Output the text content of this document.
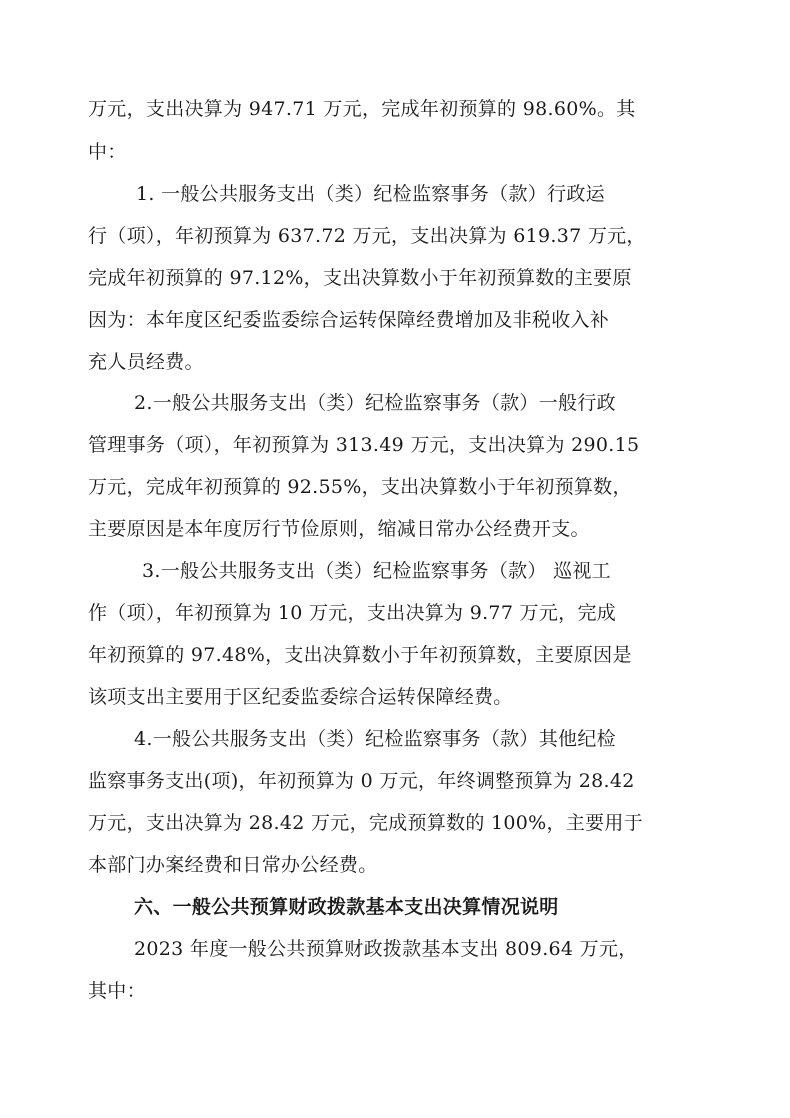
万元，支出决算为 947.71 万元，完成年初预算的 98.60%。其
中：
1. 一般公共服务支出（类）纪检监察事务（款）行政运
行（项），年初预算为 637.72 万元，支出决算为 619.37 万元，
完成年初预算的 97.12%，支出决算数小于年初预算数的主要原
因为：本年度区纪委监委综合运转保障经费增加及非税收入补
充人员经费。
2.一般公共服务支出（类）纪检监察事务（款）一般行政
管理事务（项），年初预算为 313.49 万元，支出决算为 290.15
万元，完成年初预算的 92.55%，支出决算数小于年初预算数，
主要原因是本年度厉行节俭原则，缩减日常办公经费开支。
3.一般公共服务支出（类）纪检监察事务（款） 巡视工
作（项），年初预算为 10 万元，支出决算为 9.77 万元，完成
年初预算的 97.48%，支出决算数小于年初预算数，主要原因是
该项支出主要用于区纪委监委综合运转保障经费。
4.一般公共服务支出（类）纪检监察事务（款）其他纪检
监察事务支出(项)，年初预算为 0 万元，年终调整预算为 28.42
万元，支出决算为 28.42 万元，完成预算数的 100%，主要用于
本部门办案经费和日常办公经费。
六、一般公共预算财政拨款基本支出决算情况说明
2023 年度一般公共预算财政拨款基本支出 809.64 万元，
其中：
